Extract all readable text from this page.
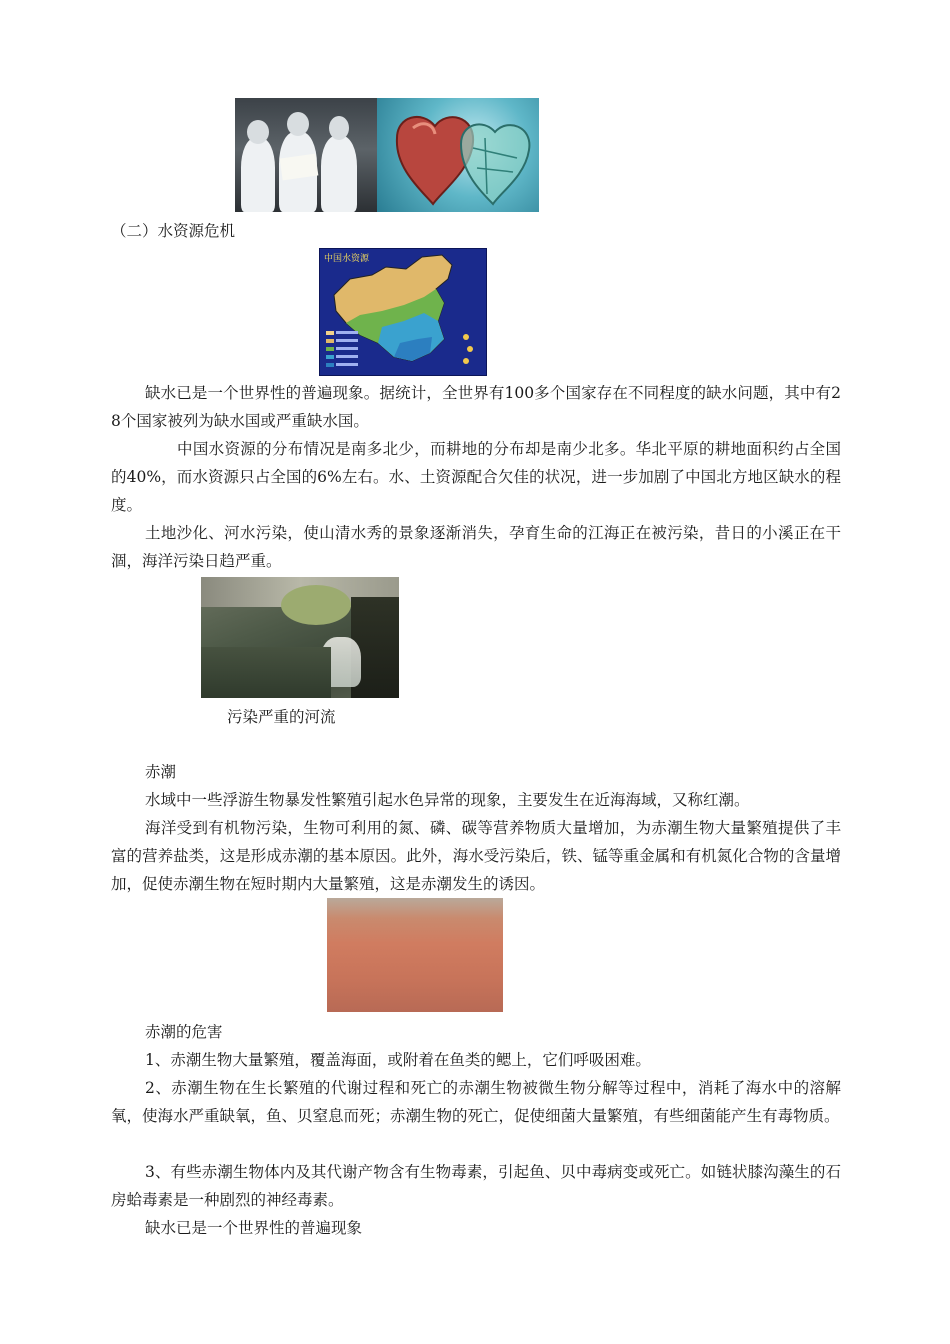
（二）水资源危机

中国水资源

缺水已是一个世界性的普遍现象。据统计，全世界有100多个国家存在不同程度的缺水问题，其中有28个国家被列为缺水国或严重缺水国。

中国水资源的分布情况是南多北少，而耕地的分布却是南少北多。华北平原的耕地面积约占全国的40%，而水资源只占全国的6%左右。水、土资源配合欠佳的状况，进一步加剧了中国北方地区缺水的程度。

土地沙化、河水污染，使山清水秀的景象逐渐消失，孕育生命的江海正在被污染，昔日的小溪正在干涸，海洋污染日趋严重。

污染严重的河流

赤潮

水域中一些浮游生物暴发性繁殖引起水色异常的现象，主要发生在近海海域，又称红潮。

海洋受到有机物污染，生物可利用的氮、磷、碳等营养物质大量增加，为赤潮生物大量繁殖提供了丰富的营养盐类，这是形成赤潮的基本原因。此外，海水受污染后，铁、锰等重金属和有机氮化合物的含量增加，促使赤潮生物在短时期内大量繁殖，这是赤潮发生的诱因。

赤潮的危害

1、赤潮生物大量繁殖，覆盖海面，或附着在鱼类的鳃上，它们呼吸困难。

2、赤潮生物在生长繁殖的代谢过程和死亡的赤潮生物被微生物分解等过程中，消耗了海水中的溶解氧，使海水严重缺氧，鱼、贝窒息而死；赤潮生物的死亡，促使细菌大量繁殖，有些细菌能产生有毒物质。

3、有些赤潮生物体内及其代谢产物含有生物毒素，引起鱼、贝中毒病变或死亡。如链状膝沟藻生的石房蛤毒素是一种剧烈的神经毒素。

缺水已是一个世界性的普遍现象
